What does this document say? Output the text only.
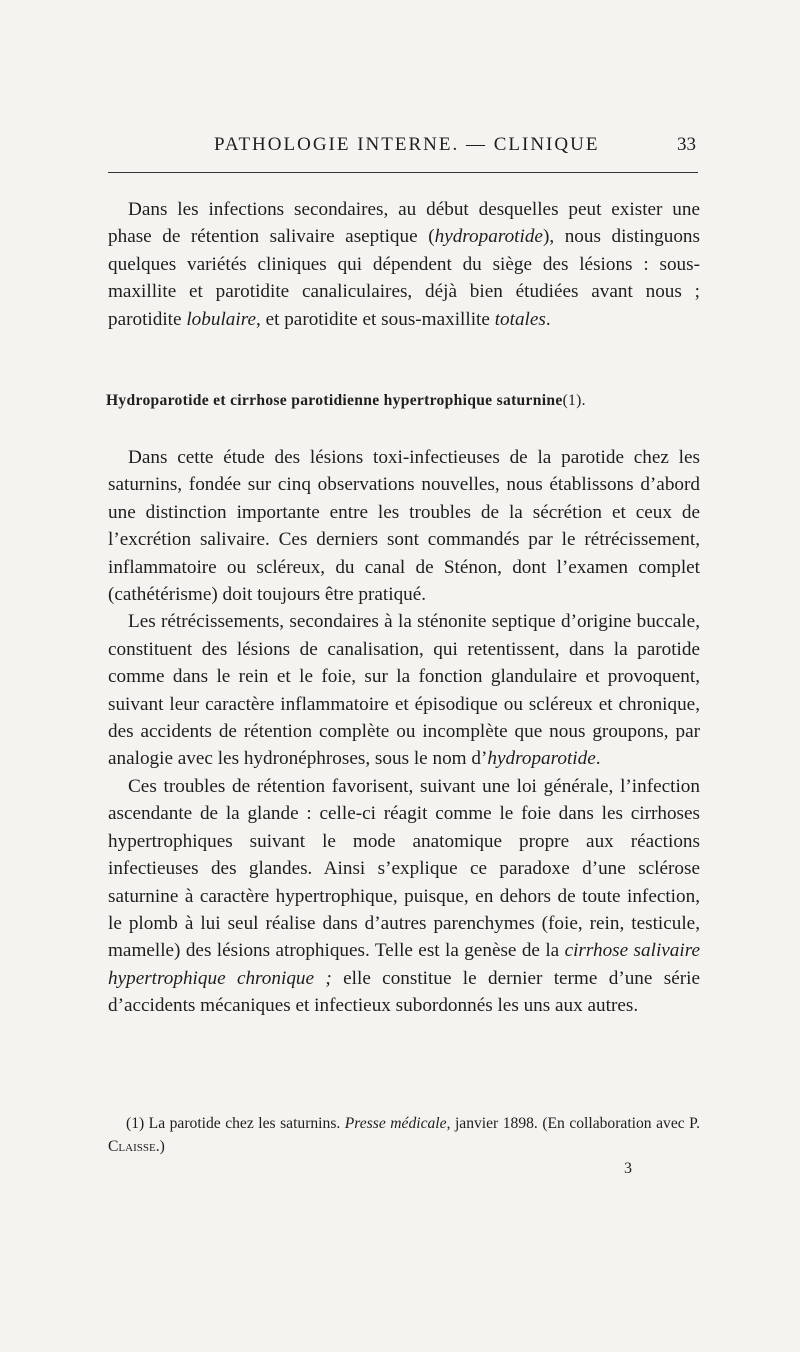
PATHOLOGIE INTERNE. — CLINIQUE	33

Dans les infections secondaires, au début desquelles peut exister une phase de rétention salivaire aseptique (hydroparotide), nous distinguons quelques variétés cliniques qui dépendent du siège des lésions : sous-maxillite et parotidite canaliculaires, déjà bien étudiées avant nous ; parotidite lobulaire, et parotidite et sous-maxillite totales.

Hydroparotide et cirrhose parotidienne hypertrophique saturnine(1).

Dans cette étude des lésions toxi-infectieuses de la parotide chez les saturnins, fondée sur cinq observations nouvelles, nous établissons d’abord une distinction importante entre les troubles de la sécrétion et ceux de l’excrétion salivaire. Ces derniers sont commandés par le rétrécissement, inflammatoire ou scléreux, du canal de Sténon, dont l’examen complet (cathétérisme) doit toujours être pratiqué.

Les rétrécissements, secondaires à la sténonite septique d’origine buccale, constituent des lésions de canalisation, qui retentissent, dans la parotide comme dans le rein et le foie, sur la fonction glandulaire et provoquent, suivant leur caractère inflammatoire et épisodique ou scléreux et chronique, des accidents de rétention complète ou incomplète que nous groupons, par analogie avec les hydronéphroses, sous le nom d’hydroparotide.

Ces troubles de rétention favorisent, suivant une loi générale, l’infection ascendante de la glande : celle-ci réagit comme le foie dans les cirrhoses hypertrophiques suivant le mode anatomique propre aux réactions infectieuses des glandes. Ainsi s’explique ce paradoxe d’une sclérose saturnine à caractère hypertrophique, puisque, en dehors de toute infection, le plomb à lui seul réalise dans d’autres parenchymes (foie, rein, testicule, mamelle) des lésions atrophiques. Telle est la genèse de la cirrhose salivaire hypertrophique chronique ; elle constitue le dernier terme d’une série d’accidents mécaniques et infectieux subordonnés les uns aux autres.

(1) La parotide chez les saturnins. Presse médicale, janvier 1898. (En collaboration avec P. Claisse.)

3
